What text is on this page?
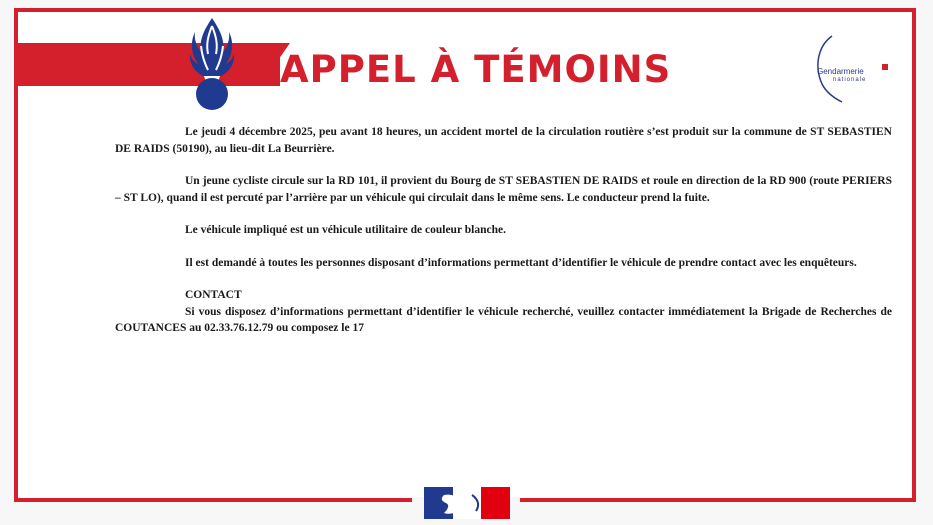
APPEL À TÉMOINS	Gendarmerie
nationale

Le jeudi 4 décembre 2025, peu avant 18 heures, un accident mortel de la circulation routière s’est produit sur la commune de ST SEBASTIEN DE RAIDS (50190), au lieu-dit La Beurrière.

Un jeune cycliste circule sur la RD 101, il provient du Bourg de ST SEBASTIEN DE RAIDS et roule en direction de la RD 900 (route PERIERS – ST LO), quand il est percuté par l’arrière par un véhicule qui circulait dans le même sens. Le conducteur prend la fuite.

Le véhicule impliqué est un véhicule utilitaire de couleur blanche.

Il est demandé à toutes les personnes disposant d’informations permettant d’identifier le véhicule de prendre contact avec les enquêteurs.

CONTACT
Si vous disposez d’informations permettant d’identifier le véhicule recherché, veuillez contacter immédiatement la Brigade de Recherches de COUTANCES au 02.33.76.12.79 ou composez le 17
